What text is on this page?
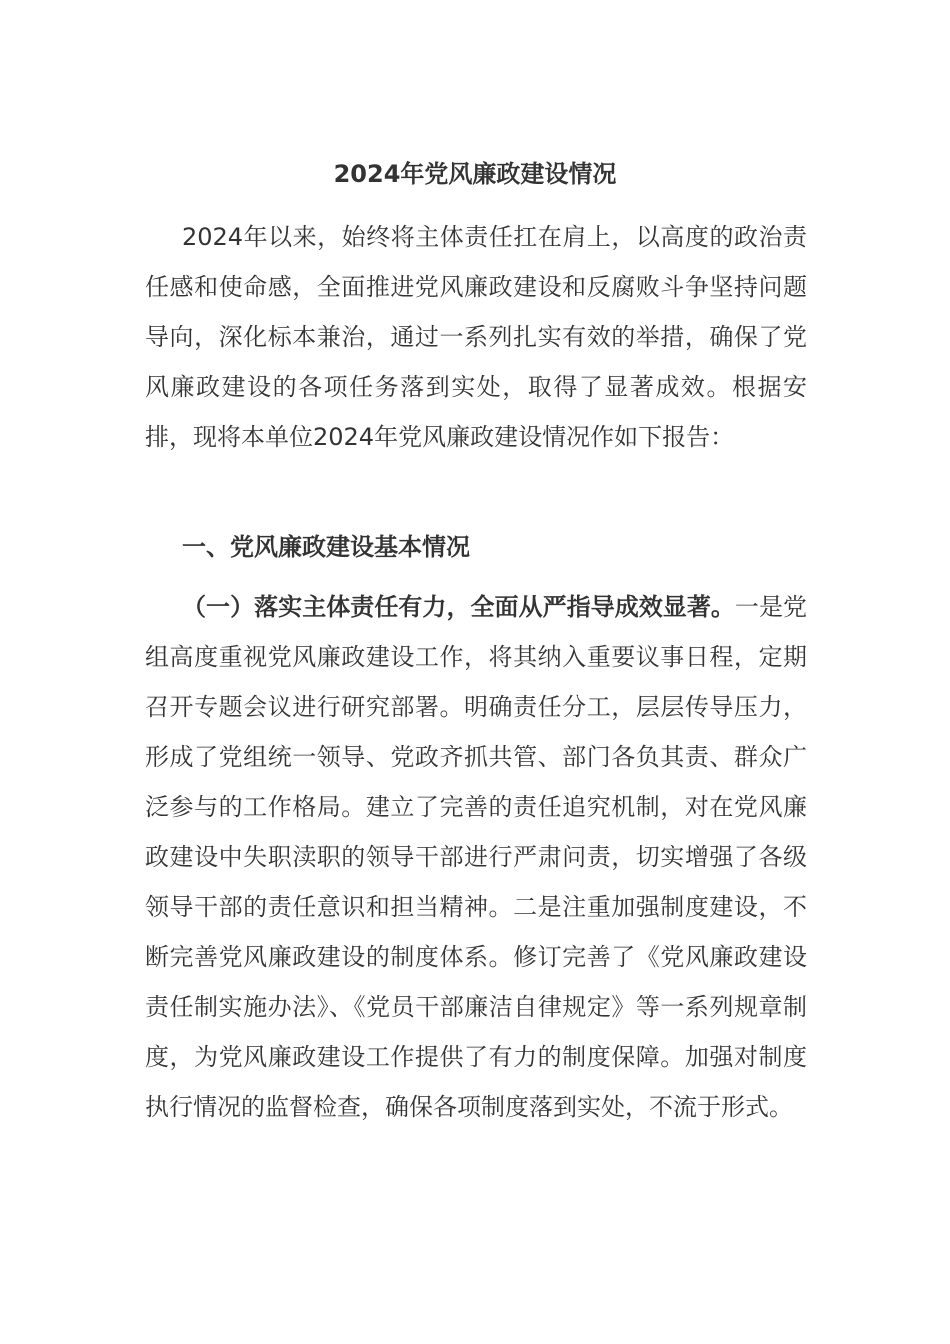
2024年党风廉政建设情况

2024年以来，始终将主体责任扛在肩上，以高度的政治责任感和使命感，全面推进党风廉政建设和反腐败斗争坚持问题导向，深化标本兼治，通过一系列扎实有效的举措，确保了党风廉政建设的各项任务落到实处，取得了显著成效。根据安排，现将本单位2024年党风廉政建设情况作如下报告：

一、党风廉政建设基本情况

（一）落实主体责任有力，全面从严指导成效显著。一是党组高度重视党风廉政建设工作，将其纳入重要议事日程，定期召开专题会议进行研究部署。明确责任分工，层层传导压力，形成了党组统一领导、党政齐抓共管、部门各负其责、群众广泛参与的工作格局。建立了完善的责任追究机制，对在党风廉政建设中失职渎职的领导干部进行严肃问责，切实增强了各级领导干部的责任意识和担当精神。二是注重加强制度建设，不断完善党风廉政建设的制度体系。修订完善了《党风廉政建设责任制实施办法》、《党员干部廉洁自律规定》等一系列规章制度，为党风廉政建设工作提供了有力的制度保障。加强对制度执行情况的监督检查，确保各项制度落到实处，不流于形式。
